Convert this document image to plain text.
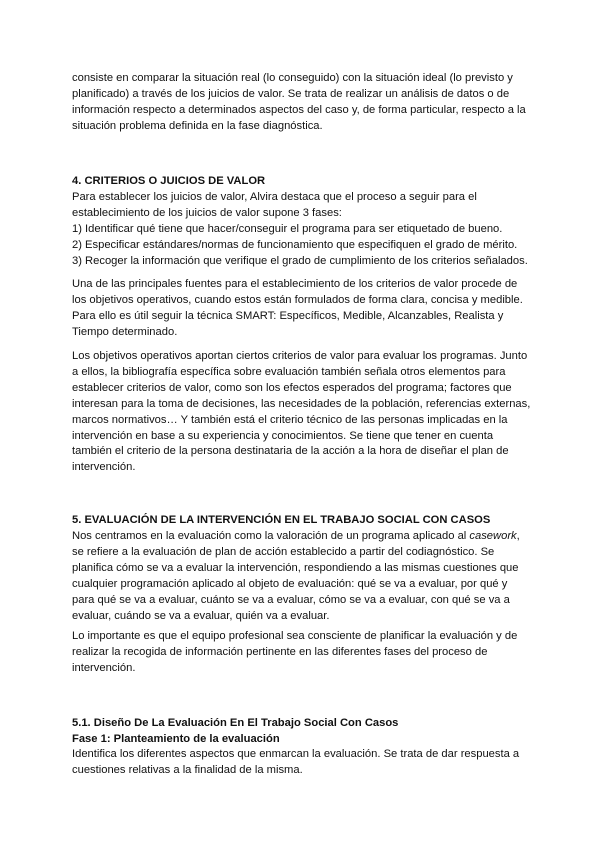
consiste en comparar la situación real (lo conseguido) con la situación ideal (lo previsto y
planificado) a través de los juicios de valor. Se trata de realizar un análisis de datos o de
información respecto a determinados aspectos del caso y, de forma particular, respecto a la
situación problema definida en la fase diagnóstica.
4. CRITERIOS O JUICIOS DE VALOR
Para establecer los juicios de valor, Alvira destaca que el proceso a seguir para el
establecimiento de los juicios de valor supone 3 fases:
1) Identificar qué tiene que hacer/conseguir el programa para ser etiquetado de bueno.
2) Especificar estándares/normas de funcionamiento que especifiquen el grado de mérito.
3) Recoger la información que verifique el grado de cumplimiento de los criterios señalados.
Una de las principales fuentes para el establecimiento de los criterios de valor procede de
los objetivos operativos, cuando estos están formulados de forma clara, concisa y medible.
Para ello es útil seguir la técnica SMART: Específicos, Medible, Alcanzables, Realista y
Tiempo determinado.
Los objetivos operativos aportan ciertos criterios de valor para evaluar los programas. Junto
a ellos, la bibliografía específica sobre evaluación también señala otros elementos para
establecer criterios de valor, como son los efectos esperados del programa; factores que
interesan para la toma de decisiones, las necesidades de la población, referencias externas,
marcos normativos… Y también está el criterio técnico de las personas implicadas en la
intervención en base a su experiencia y conocimientos. Se tiene que tener en cuenta
también el criterio de la persona destinataria de la acción a la hora de diseñar el plan de
intervención.
5. EVALUACIÓN DE LA INTERVENCIÓN EN EL TRABAJO SOCIAL CON CASOS
Nos centramos en la evaluación como la valoración de un programa aplicado al casework,
se refiere a la evaluación de plan de acción establecido a partir del codiagnóstico. Se
planifica cómo se va a evaluar la intervención, respondiendo a las mismas cuestiones que
cualquier programación aplicado al objeto de evaluación: qué se va a evaluar, por qué y
para qué se va a evaluar, cuánto se va a evaluar, cómo se va a evaluar, con qué se va a
evaluar, cuándo se va a evaluar, quién va a evaluar.
Lo importante es que el equipo profesional sea consciente de planificar la evaluación y de
realizar la recogida de información pertinente en las diferentes fases del proceso de
intervención.
5.1. Diseño De La Evaluación En El Trabajo Social Con Casos
Fase 1: Planteamiento de la evaluación
Identifica los diferentes aspectos que enmarcan la evaluación. Se trata de dar respuesta a
cuestiones relativas a la finalidad de la misma.
